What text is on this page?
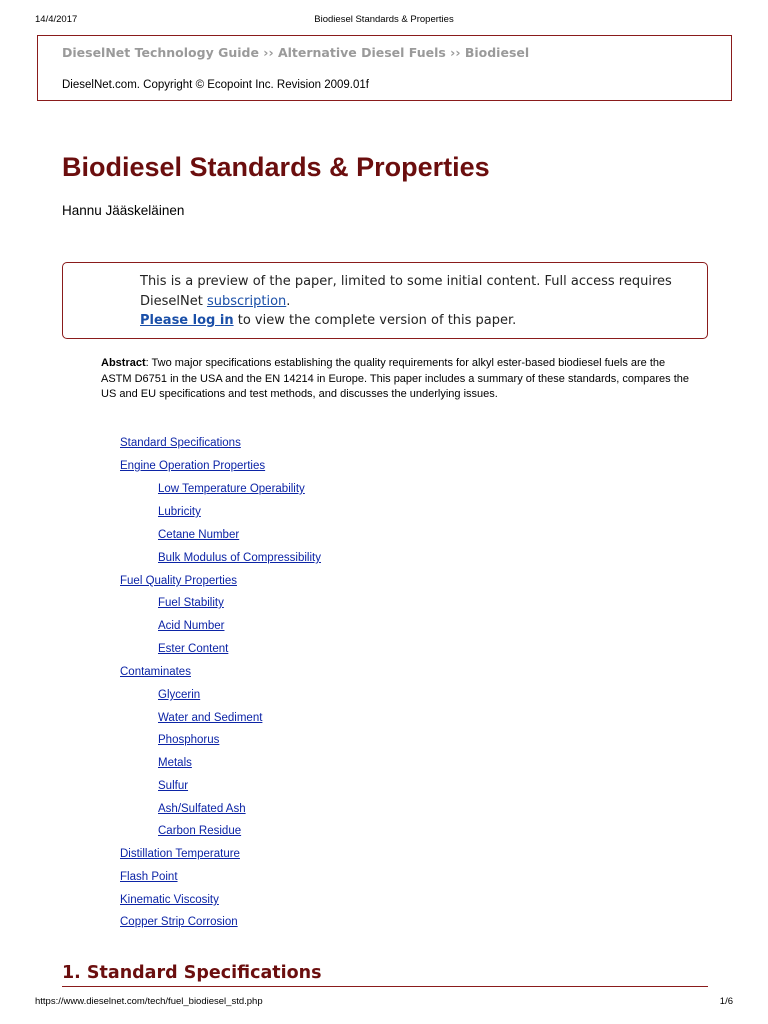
14/4/2017	Biodiesel Standards & Properties
DieselNet Technology Guide ›› Alternative Diesel Fuels ›› Biodiesel
DieselNet.com. Copyright © Ecopoint Inc. Revision 2009.01f
Biodiesel Standards & Properties
Hannu Jääskeläinen
This is a preview of the paper, limited to some initial content. Full access requires DieselNet subscription.
Please log in to view the complete version of this paper.
Abstract: Two major specifications establishing the quality requirements for alkyl ester-based biodiesel fuels are the ASTM D6751 in the USA and the EN 14214 in Europe. This paper includes a summary of these standards, compares the US and EU specifications and test methods, and discusses the underlying issues.
Standard Specifications
Engine Operation Properties
Low Temperature Operability
Lubricity
Cetane Number
Bulk Modulus of Compressibility
Fuel Quality Properties
Fuel Stability
Acid Number
Ester Content
Contaminates
Glycerin
Water and Sediment
Phosphorus
Metals
Sulfur
Ash/Sulfated Ash
Carbon Residue
Distillation Temperature
Flash Point
Kinematic Viscosity
Copper Strip Corrosion
1. Standard Specifications
https://www.dieselnet.com/tech/fuel_biodiesel_std.php	1/6
